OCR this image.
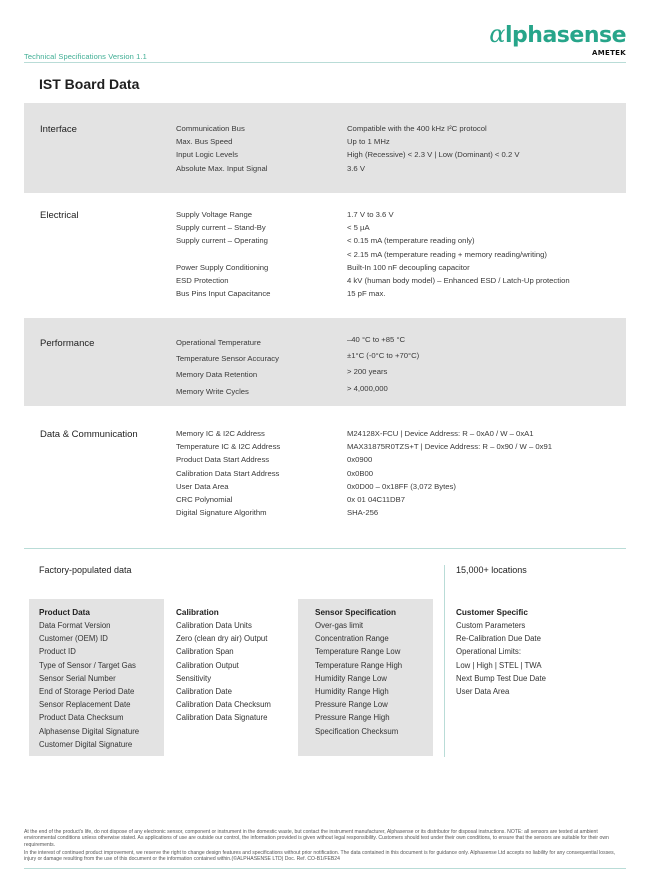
Technical Specifications Version 1.1
αlphasense
AMETEK
IST Board Data
Interface	Communication Bus	Compatible with the 400 kHz I²C protocol
Max. Bus Speed	Up to 1 MHz
Input Logic Levels	High (Recessive) < 2.3 V | Low (Dominant) < 0.2 V
Absolute Max. Input Signal	3.6 V
Electrical	Supply Voltage Range	1.7 V to 3.6 V
Supply current – Stand-By	< 5 µA
Supply current – Operating	< 0.15 mA (temperature reading only)
< 2.15 mA (temperature reading + memory reading/writing)
Power Supply Conditioning	Built-In 100 nF decoupling capacitor
ESD Protection	4 kV (human body model) – Enhanced ESD / Latch-Up protection
Bus Pins Input Capacitance	15 pF max.
Performance	Operational Temperature	–40 °C to +85 °C
Temperature Sensor Accuracy	±1°C (-0°C to +70°C)
Memory Data Retention	> 200 years
Memory Write Cycles	> 4,000,000
Data & Communication	Memory IC & I2C Address	M24128X-FCU | Device Address: R – 0xA0 / W – 0xA1
Temperature IC & I2C Address	MAX31875R0TZS+T | Device Address: R – 0x90 / W – 0x91
Product Data Start Address	0x0900
Calibration Data Start Address	0x0B00
User Data Area	0x0D00 – 0x18FF (3,072 Bytes)
CRC Polynomial	0x 01 04C11DB7
Digital Signature Algorithm	SHA-256
Factory-populated data	15,000+ locations
Product Data
Data Format Version
Customer (OEM) ID
Product ID
Type of Sensor / Target Gas
Sensor Serial Number
End of Storage Period Date
Sensor Replacement Date
Product Data Checksum
Alphasense Digital Signature
Customer Digital Signature
Calibration
Calibration Data Units
Zero (clean dry air) Output
Calibration Span
Calibration Output
Sensitivity
Calibration Date
Calibration Data Checksum
Calibration Data Signature
Sensor Specification
Over-gas limit
Concentration Range
Temperature Range Low
Temperature Range High
Humidity Range Low
Humidity Range High
Pressure Range Low
Pressure Range High
Specification Checksum
Customer Specific
Custom Parameters
Re-Calibration Due Date
Operational Limits:
Low | High | STEL | TWA
Next Bump Test Due Date
User Data Area

At the end of the product's life, do not dispose of any electronic sensor, component or instrument in the domestic waste, but contact the instrument manufacturer, Alphasense or its distributor for disposal instructions. NOTE: all sensors are tested at ambient environmental conditions unless otherwise stated. As applications of use are outside our control, the information provided is given without legal responsibility. Customers should test under their own conditions, to ensure that the sensors are suitable for their own requirements.

In the interest of continued product improvement, we reserve the right to change design features and specifications without prior notification. The data contained in this document is for guidance only. Alphasense Ltd accepts no liability for any consequential losses, injury or damage resulting from the use of this document or the information contained within.(©ALPHASENSE LTD) Doc. Ref. CO-B1/FEB24
